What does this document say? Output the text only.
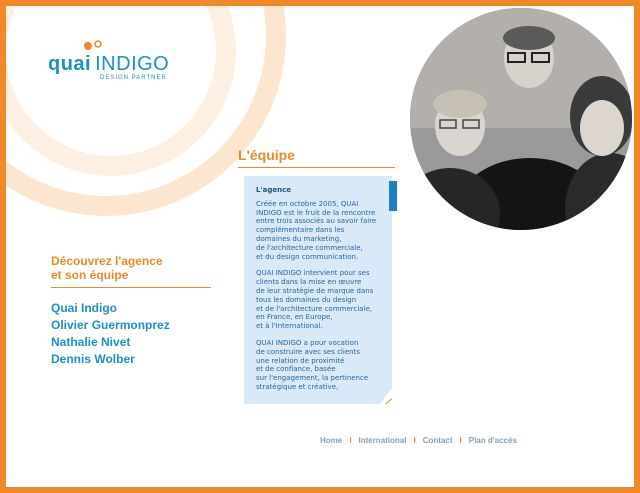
quai INDIGO
DESIGN PARTNER
Découvrez l'agence
et son équipe
Quai Indigo
Olivier Guermonprez
Nathalie Nivet
Dennis Wolber
L'équipe
L'agence

Créée en octobre 2005, QUAI
INDIGO est le fruit de la rencontre
entre trois associés au savoir faire
complémentaire dans les
domaines du marketing,
de l'architecture commerciale,
et du design communication.

QUAI INDIGO intervient pour ses
clients dans la mise en œuvre
de leur stratégie de marque dans
tous les domaines du design
et de l'architecture commerciale,
en France, en Europe,
et à l'International.

QUAI INDIGO a pour vocation
de construire avec ses clients
une relation de proximité
et de confiance, basée
sur l'engagement, la pertinence
stratégique et créative,

Home I International I Contact I Plan d'accès
